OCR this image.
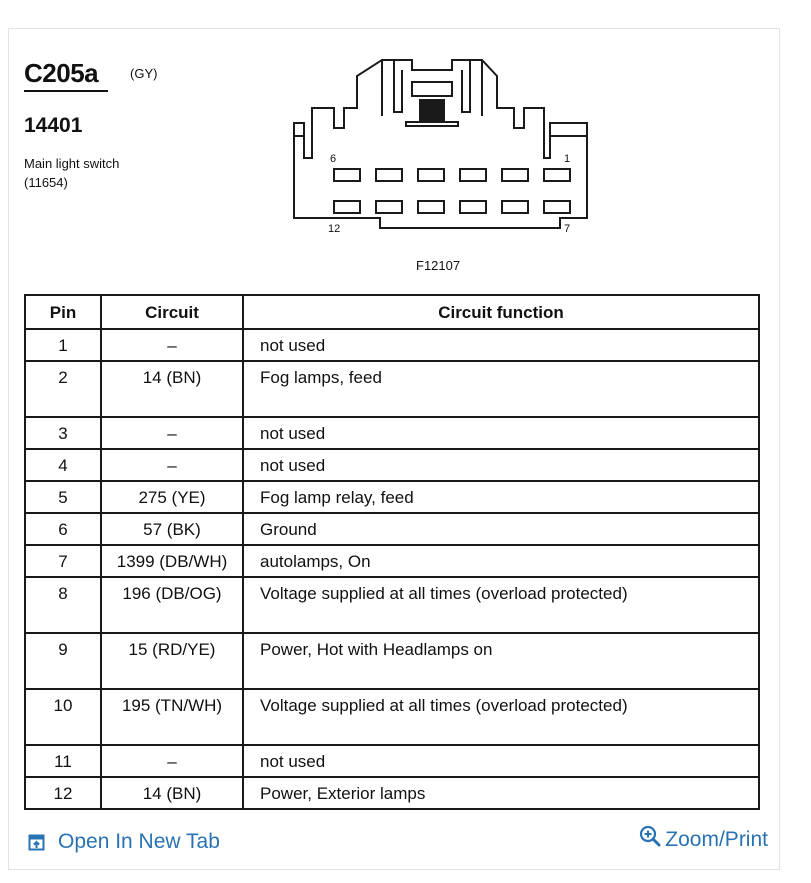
C205a (GY)
14401
Main light switch
(11654)
6	1
12	7
F12107
Pin	Circuit	Circuit function
1	–	not used
2	14 (BN)	Fog lamps, feed
3	–	not used
4	–	not used
5	275 (YE)	Fog lamp relay, feed
6	57 (BK)	Ground
7	1399 (DB/WH)	autolamps, On
8	196 (DB/OG)	Voltage supplied at all times (overload protected)
9	15 (RD/YE)	Power, Hot with Headlamps on
10	195 (TN/WH)	Voltage supplied at all times (overload protected)
11	–	not used
12	14 (BN)	Power, Exterior lamps
Open In New Tab	Zoom/Print
